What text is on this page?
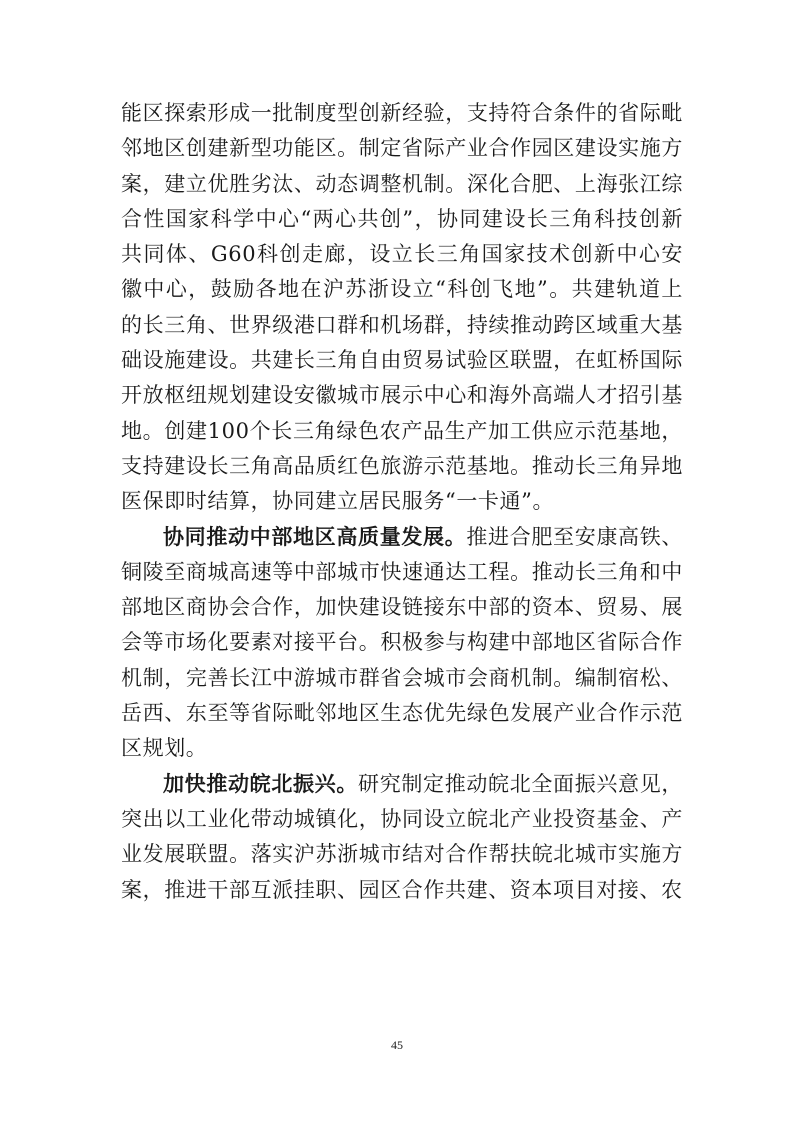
能区探索形成一批制度型创新经验，支持符合条件的省际毗邻地区创建新型功能区。制定省际产业合作园区建设实施方案，建立优胜劣汰、动态调整机制。深化合肥、上海张江综合性国家科学中心“两心共创”，协同建设长三角科技创新共同体、G60科创走廊，设立长三角国家技术创新中心安徽中心，鼓励各地在沪苏浙设立“科创飞地”。共建轨道上的长三角、世界级港口群和机场群，持续推动跨区域重大基础设施建设。共建长三角自由贸易试验区联盟，在虹桥国际开放枢纽规划建设安徽城市展示中心和海外高端人才招引基地。创建100个长三角绿色农产品生产加工供应示范基地，支持建设长三角高品质红色旅游示范基地。推动长三角异地医保即时结算，协同建立居民服务“一卡通”。

协同推动中部地区高质量发展。推进合肥至安康高铁、铜陵至商城高速等中部城市快速通达工程。推动长三角和中部地区商协会合作，加快建设链接东中部的资本、贸易、展会等市场化要素对接平台。积极参与构建中部地区省际合作机制，完善长江中游城市群省会城市会商机制。编制宿松、岳西、东至等省际毗邻地区生态优先绿色发展产业合作示范区规划。

加快推动皖北振兴。研究制定推动皖北全面振兴意见，突出以工业化带动城镇化，协同设立皖北产业投资基金、产业发展联盟。落实沪苏浙城市结对合作帮扶皖北城市实施方案，推进干部互派挂职、园区合作共建、资本项目对接、农

45
